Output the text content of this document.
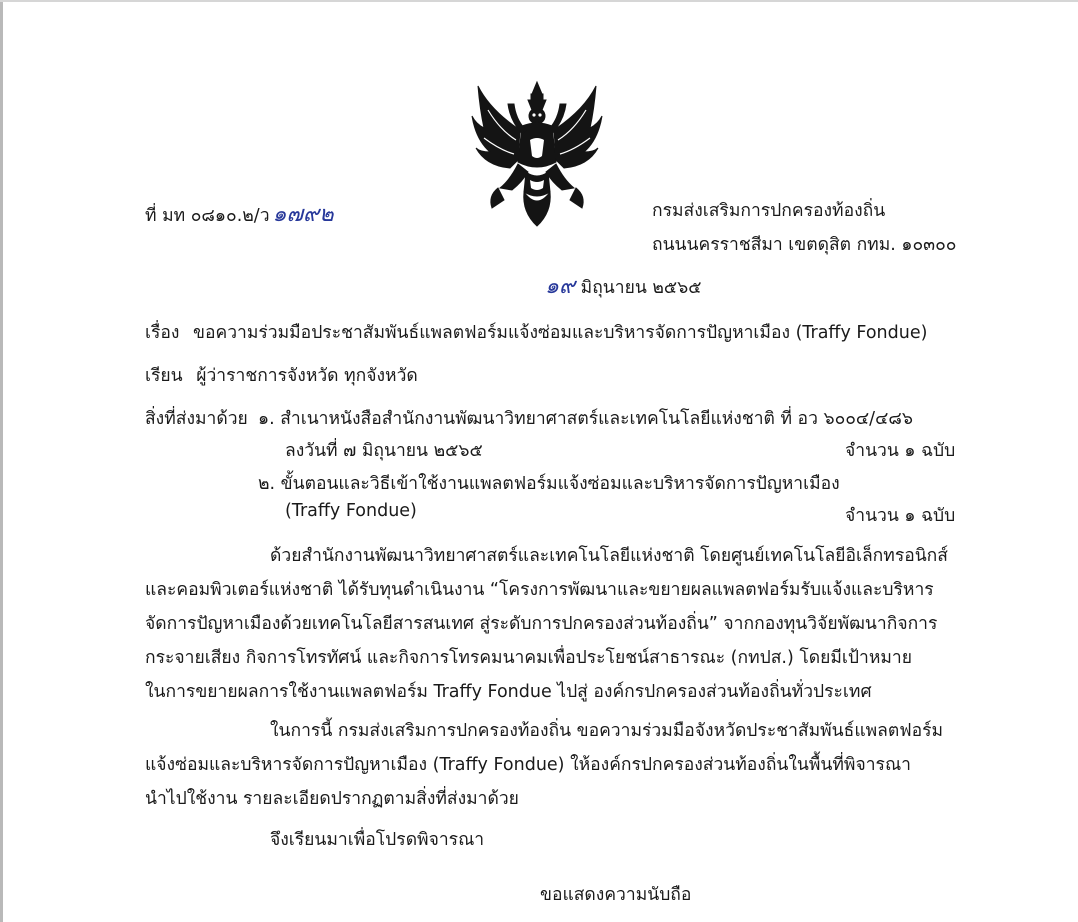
ที่ มท ๐๘๑๐.๒/ว ๑๗๙๒	กรมส่งเสริมการปกครองท้องถิ่น
ถนนนครราชสีมา เขตดุสิต กทม. ๑๐๓๐๐
๑๙ มิถุนายน ๒๕๖๕
เรื่อง ขอความร่วมมือประชาสัมพันธ์แพลตฟอร์มแจ้งซ่อมและบริหารจัดการปัญหาเมือง (Traffy Fondue)
เรียน ผู้ว่าราชการจังหวัด ทุกจังหวัด
สิ่งที่ส่งมาด้วย ๑. สำเนาหนังสือสำนักงานพัฒนาวิทยาศาสตร์และเทคโนโลยีแห่งชาติ ที่ อว ๖๐๐๔/๔๘๖
ลงวันที่ ๗ มิถุนายน ๒๕๖๕	จำนวน ๑ ฉบับ
๒. ขั้นตอนและวิธีเข้าใช้งานแพลตฟอร์มแจ้งซ่อมและบริหารจัดการปัญหาเมือง
(Traffy Fondue)	จำนวน ๑ ฉบับ
ด้วยสำนักงานพัฒนาวิทยาศาสตร์และเทคโนโลยีแห่งชาติ โดยศูนย์เทคโนโลยีอิเล็กทรอนิกส์
และคอมพิวเตอร์แห่งชาติ ได้รับทุนดำเนินงาน “โครงการพัฒนาและขยายผลแพลตฟอร์มรับแจ้งและบริหาร
จัดการปัญหาเมืองด้วยเทคโนโลยีสารสนเทศ สู่ระดับการปกครองส่วนท้องถิ่น” จากกองทุนวิจัยพัฒนากิจการ
กระจายเสียง กิจการโทรทัศน์ และกิจการโทรคมนาคมเพื่อประโยชน์สาธารณะ (กทปส.) โดยมีเป้าหมาย
ในการขยายผลการใช้งานแพลตฟอร์ม Traffy Fondue ไปสู่ องค์กรปกครองส่วนท้องถิ่นทั่วประเทศ
ในการนี้ กรมส่งเสริมการปกครองท้องถิ่น ขอความร่วมมือจังหวัดประชาสัมพันธ์แพลตฟอร์ม
แจ้งซ่อมและบริหารจัดการปัญหาเมือง (Traffy Fondue) ให้องค์กรปกครองส่วนท้องถิ่นในพื้นที่พิจารณา
นำไปใช้งาน รายละเอียดปรากฏตามสิ่งที่ส่งมาด้วย
จึงเรียนมาเพื่อโปรดพิจารณา
ขอแสดงความนับถือ
